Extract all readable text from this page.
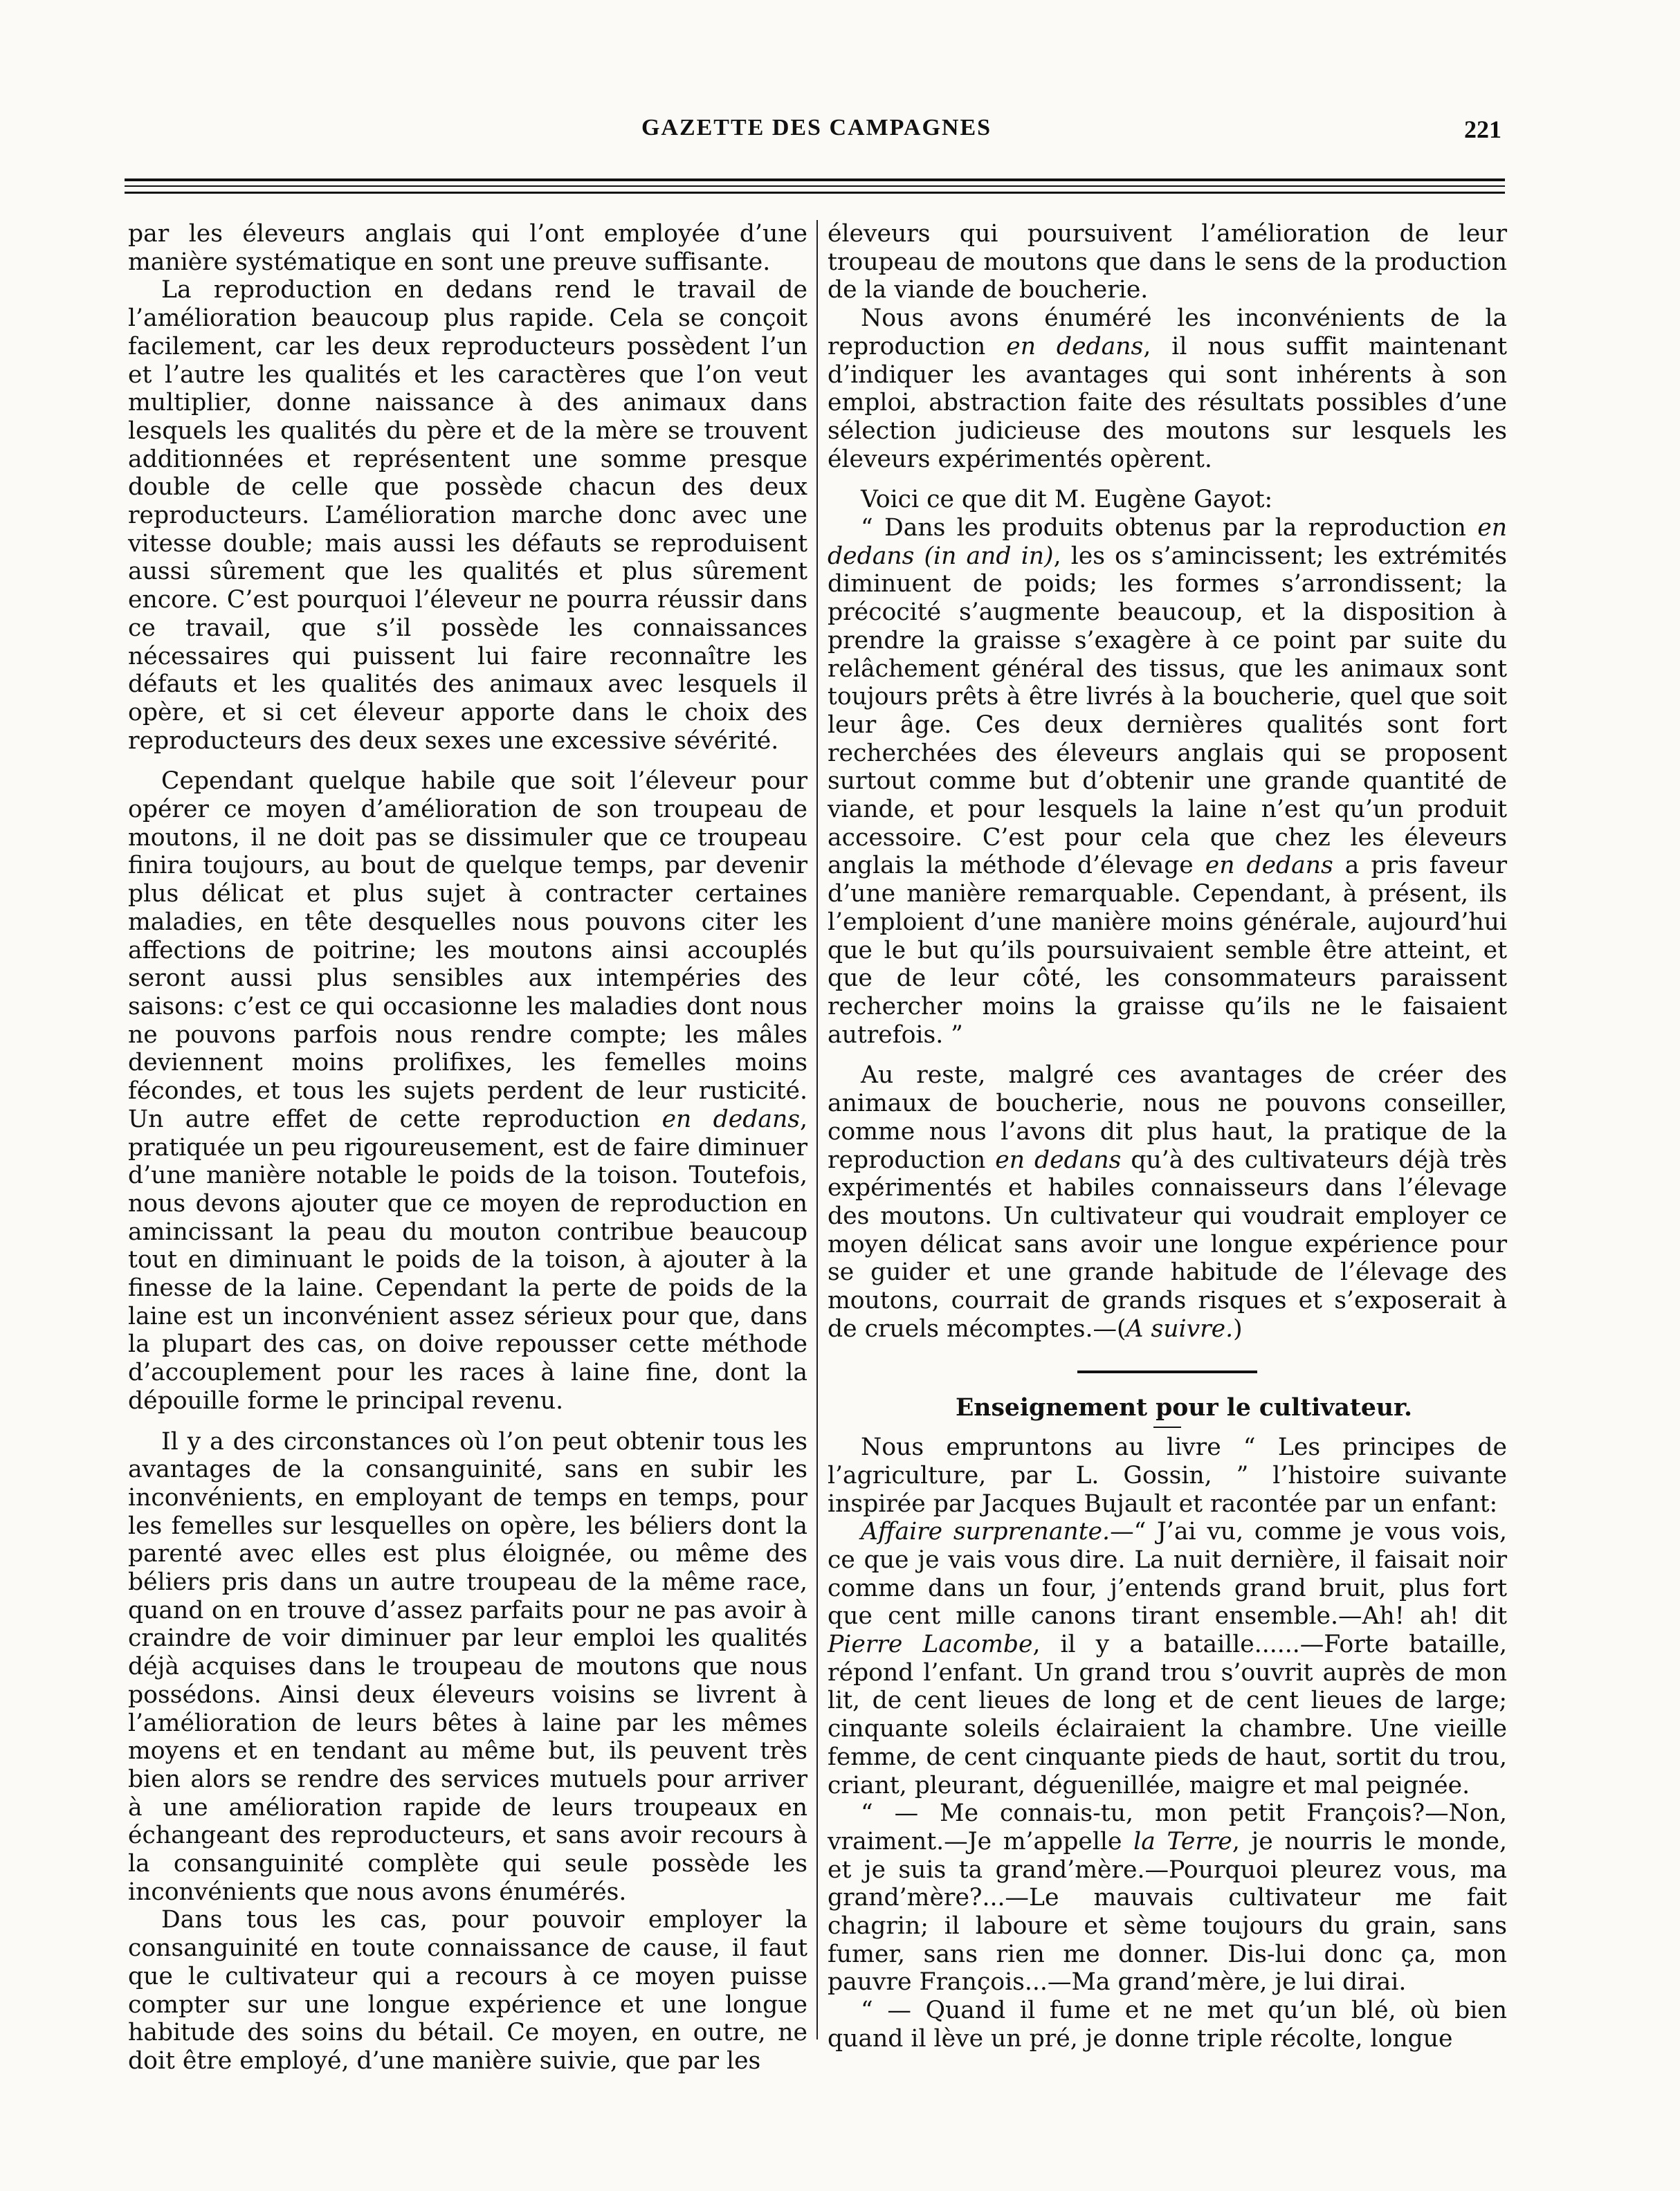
GAZETTE DES CAMPAGNES	221

par les éleveurs anglais qui l’ont employée d’une manière systématique en sont une preuve suffisante.

La reproduction en dedans rend le travail de l’amélioration beaucoup plus rapide. Cela se conçoit facilement, car les deux reproducteurs possèdent l’un et l’autre les qualités et les caractères que l’on veut multiplier, donne naissance à des animaux dans lesquels les qualités du père et de la mère se trouvent additionnées et représentent une somme presque double de celle que possède chacun des deux reproducteurs. L’amélioration marche donc avec une vitesse double; mais aussi les défauts se reproduisent aussi sûrement que les qualités et plus sûrement encore. C’est pourquoi l’éleveur ne pourra réussir dans ce travail, que s’il possède les connaissances nécessaires qui puissent lui faire reconnaître les défauts et les qualités des animaux avec lesquels il opère, et si cet éleveur apporte dans le choix des reproducteurs des deux sexes une excessive sévérité.

Cependant quelque habile que soit l’éleveur pour opérer ce moyen d’amélioration de son troupeau de moutons, il ne doit pas se dissimuler que ce troupeau finira toujours, au bout de quelque temps, par devenir plus délicat et plus sujet à contracter certaines maladies, en tête desquelles nous pouvons citer les affections de poitrine; les moutons ainsi accouplés seront aussi plus sensibles aux intempéries des saisons: c’est ce qui occasionne les maladies dont nous ne pouvons parfois nous rendre compte; les mâles deviennent moins prolifixes, les femelles moins fécondes, et tous les sujets perdent de leur rusticité. Un autre effet de cette reproduction en dedans, pratiquée un peu rigoureusement, est de faire diminuer d’une manière notable le poids de la toison. Toutefois, nous devons ajouter que ce moyen de reproduction en amincissant la peau du mouton contribue beaucoup tout en diminuant le poids de la toison, à ajouter à la finesse de la laine. Cependant la perte de poids de la laine est un inconvénient assez sérieux pour que, dans la plupart des cas, on doive repousser cette méthode d’accouplement pour les races à laine fine, dont la dépouille forme le principal revenu.

Il y a des circonstances où l’on peut obtenir tous les avantages de la consanguinité, sans en subir les inconvénients, en employant de temps en temps, pour les femelles sur lesquelles on opère, les béliers dont la parenté avec elles est plus éloignée, ou même des béliers pris dans un autre troupeau de la même race, quand on en trouve d’assez parfaits pour ne pas avoir à craindre de voir diminuer par leur emploi les qualités déjà acquises dans le troupeau de moutons que nous possédons. Ainsi deux éleveurs voisins se livrent à l’amélioration de leurs bêtes à laine par les mêmes moyens et en tendant au même but, ils peuvent très bien alors se rendre des services mutuels pour arriver à une amélioration rapide de leurs troupeaux en échangeant des reproducteurs, et sans avoir recours à la consanguinité complète qui seule possède les inconvénients que nous avons énumérés.

Dans tous les cas, pour pouvoir employer la consanguinité en toute connaissance de cause, il faut que le cultivateur qui a recours à ce moyen puisse compter sur une longue expérience et une longue habitude des soins du bétail. Ce moyen, en outre, ne doit être employé, d’une manière suivie, que par les

éleveurs qui poursuivent l’amélioration de leur troupeau de moutons que dans le sens de la production de la viande de boucherie.

Nous avons énuméré les inconvénients de la reproduction en dedans, il nous suffit maintenant d’indiquer les avantages qui sont inhérents à son emploi, abstraction faite des résultats possibles d’une sélection judicieuse des moutons sur lesquels les éleveurs expérimentés opèrent.

Voici ce que dit M. Eugène Gayot:

“ Dans les produits obtenus par la reproduction en dedans (in and in), les os s’amincissent; les extrémités diminuent de poids; les formes s’arrondissent; la précocité s’augmente beaucoup, et la disposition à prendre la graisse s’exagère à ce point par suite du relâchement général des tissus, que les animaux sont toujours prêts à être livrés à la boucherie, quel que soit leur âge. Ces deux dernières qualités sont fort recherchées des éleveurs anglais qui se proposent surtout comme but d’obtenir une grande quantité de viande, et pour lesquels la laine n’est qu’un produit accessoire. C’est pour cela que chez les éleveurs anglais la méthode d’élevage en dedans a pris faveur d’une manière remarquable. Cependant, à présent, ils l’emploient d’une manière moins générale, aujourd’hui que le but qu’ils poursuivaient semble être atteint, et que de leur côté, les consommateurs paraissent rechercher moins la graisse qu’ils ne le faisaient autrefois. ”

Au reste, malgré ces avantages de créer des animaux de boucherie, nous ne pouvons conseiller, comme nous l’avons dit plus haut, la pratique de la reproduction en dedans qu’à des cultivateurs déjà très expérimentés et habiles connaisseurs dans l’élevage des moutons. Un cultivateur qui voudrait employer ce moyen délicat sans avoir une longue expérience pour se guider et une grande habitude de l’élevage des moutons, courrait de grands risques et s’exposerait à de cruels mécomptes.—(A suivre.)

Enseignement pour le cultivateur.

Nous empruntons au livre “ Les principes de l’agriculture, par L. Gossin, ” l’histoire suivante inspirée par Jacques Bujault et racontée par un enfant:

Affaire surprenante.—“ J’ai vu, comme je vous vois, ce que je vais vous dire. La nuit dernière, il faisait noir comme dans un four, j’entends grand bruit, plus fort que cent mille canons tirant ensemble.—Ah! ah! dit Pierre Lacombe, il y a bataille......—Forte bataille, répond l’enfant. Un grand trou s’ouvrit auprès de mon lit, de cent lieues de long et de cent lieues de large; cinquante soleils éclairaient la chambre. Une vieille femme, de cent cinquante pieds de haut, sortit du trou, criant, pleurant, déguenillée, maigre et mal peignée.

“ — Me connais-tu, mon petit François?—Non, vraiment.—Je m’appelle la Terre, je nourris le monde, et je suis ta grand’mère.—Pourquoi pleurez vous, ma grand’mère?...—Le mauvais cultivateur me fait chagrin; il laboure et sème toujours du grain, sans fumer, sans rien me donner. Dis-lui donc ça, mon pauvre François...—Ma grand’mère, je lui dirai.

“ — Quand il fume et ne met qu’un blé, où bien quand il lève un pré, je donne triple récolte, longue
